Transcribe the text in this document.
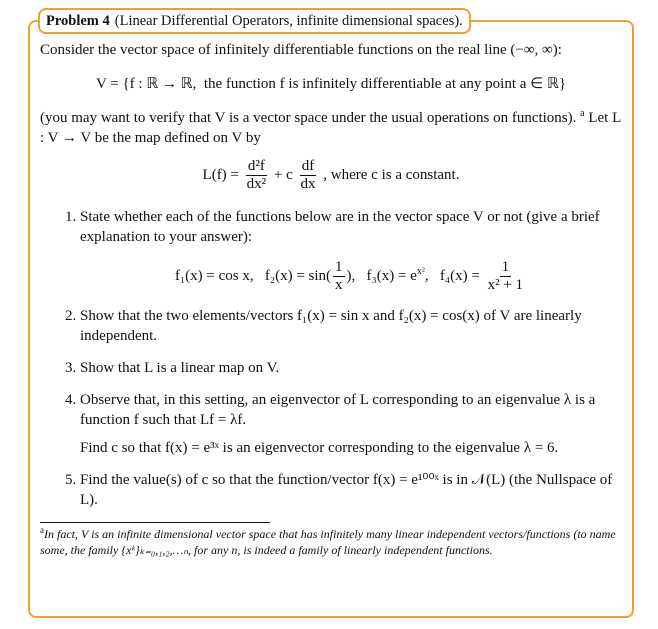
Problem 4 (Linear Differential Operators, infinite dimensional spaces).

Consider the vector space of infinitely differentiable functions on the real line (−∞, ∞):

V = {f : ℝ → ℝ, the function f is infinitely differentiable at any point a ∈ ℝ}

(you may want to verify that V is a vector space under the usual operations on functions). $^a$ Let L : V → V be the map defined on V by

$L(f) = \frac{\text{d²f}}{\text{dx²}} + c \frac{df}{dx}$ , where c is a constant.

1. State whether each of the functions below are in the vector space V or not (give a brief explanation to your answer):
f₁(x) = cos x, $f_2(x) = \sin( \frac{1}{x}$ ), $f_3(x) = e^{x^2}$, $f_4(x) = \frac{1}{\text{x² + 1}}$
2. Show that the two elements/vectors f₁(x) = sin x and f₂(x) = cos(x) of V are linearly independent.
3. Show that L is a linear map on V.
4. Observe that, in this setting, an eigenvector of L corresponding to an eigenvalue λ is a function f such that Lf = λf.
Find c so that f(x) = e³ˣ is an eigenvector corresponding to the eigenvalue λ = 6.
5. Find the value(s) of c so that the function/vector f(x) = e¹⁰⁰ˣ is in 𝒩(L) (the Nullspace of L).

$^a$In fact, V is an infinite dimensional vector space that has infinitely many linear independent vectors/functions (to name some, the family {xᵏ}ₖ₌₀,₁,₂,…ₙ, for any n, is indeed a family of linearly independent functions.
